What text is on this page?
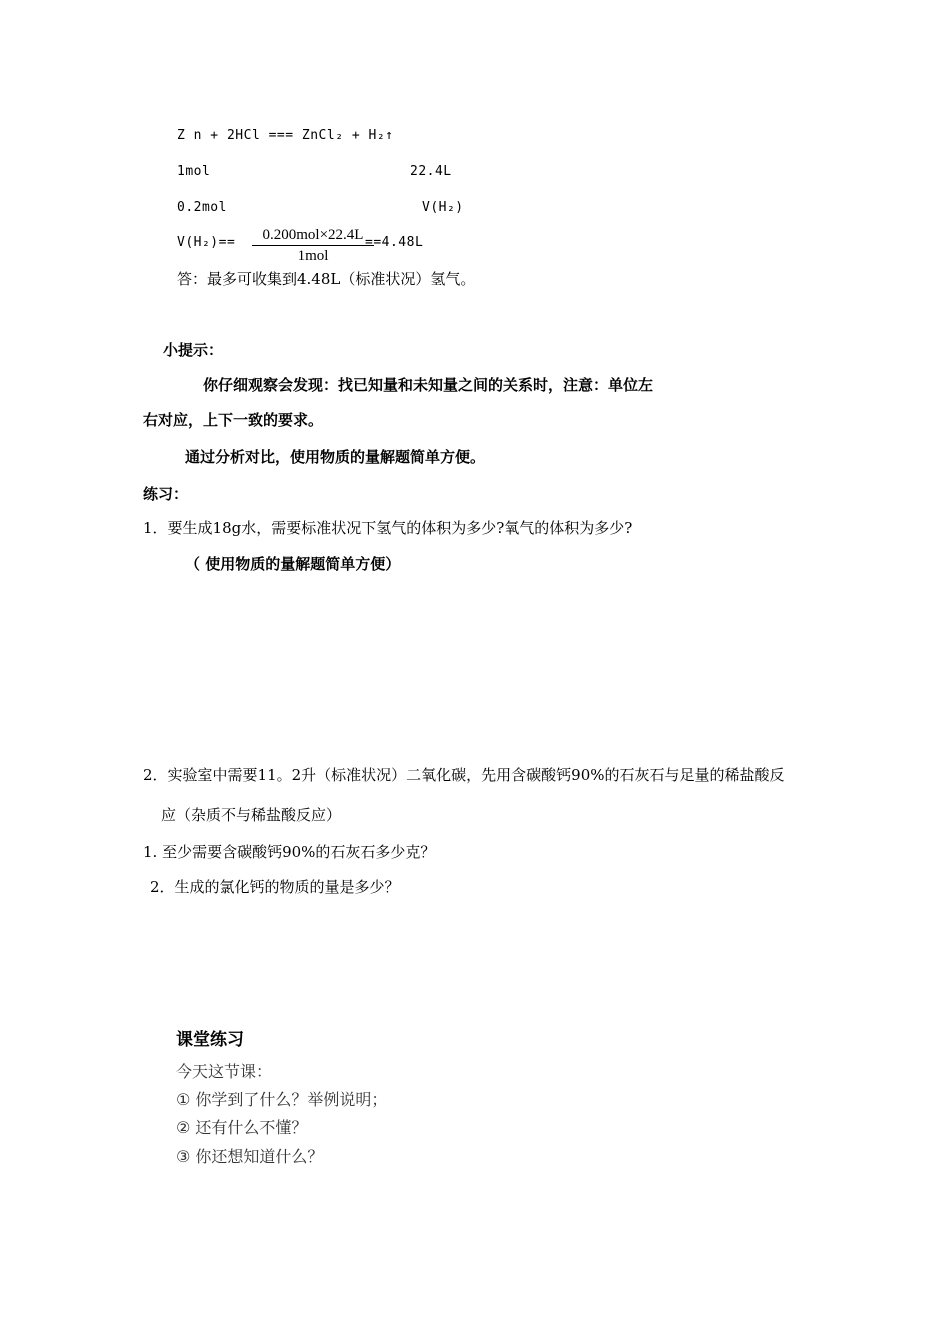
Z n + 2HCl === ZnCl₂ + H₂↑
1mol	22.4L
0.​2mol	V(H₂)
V(H₂)==	0.200mol×22.4L
1mol
==4.48L
答：最多可收集到4.48L（标准状况）氢气。
小提示：
你仔细观察会发现：找已知量和未知量之间的关系时，注意：单位左
右对应，上下一致的要求。
通过分析对比，使用物质的量解题简单方便。
练习：
1．要生成18g水，需要标准状况下氢气的体积为多少?氧气的体积为多少?
（ 使用物质的量解题简单方便）
2．实验室中需要11。2升（标准状况）二氧化碳，先用含碳酸钙90%的石灰石与足量的稀盐酸反
应（杂质不与稀盐酸反应）
1. 至少需要含碳酸钙90%的石灰石多少克？
2．生成的氯化钙的物质的量是多少？
课堂练习
今天这节课：
① 你学到了什么？举例说明；
② 还有什么不懂？
③ 你还想知道什么？
